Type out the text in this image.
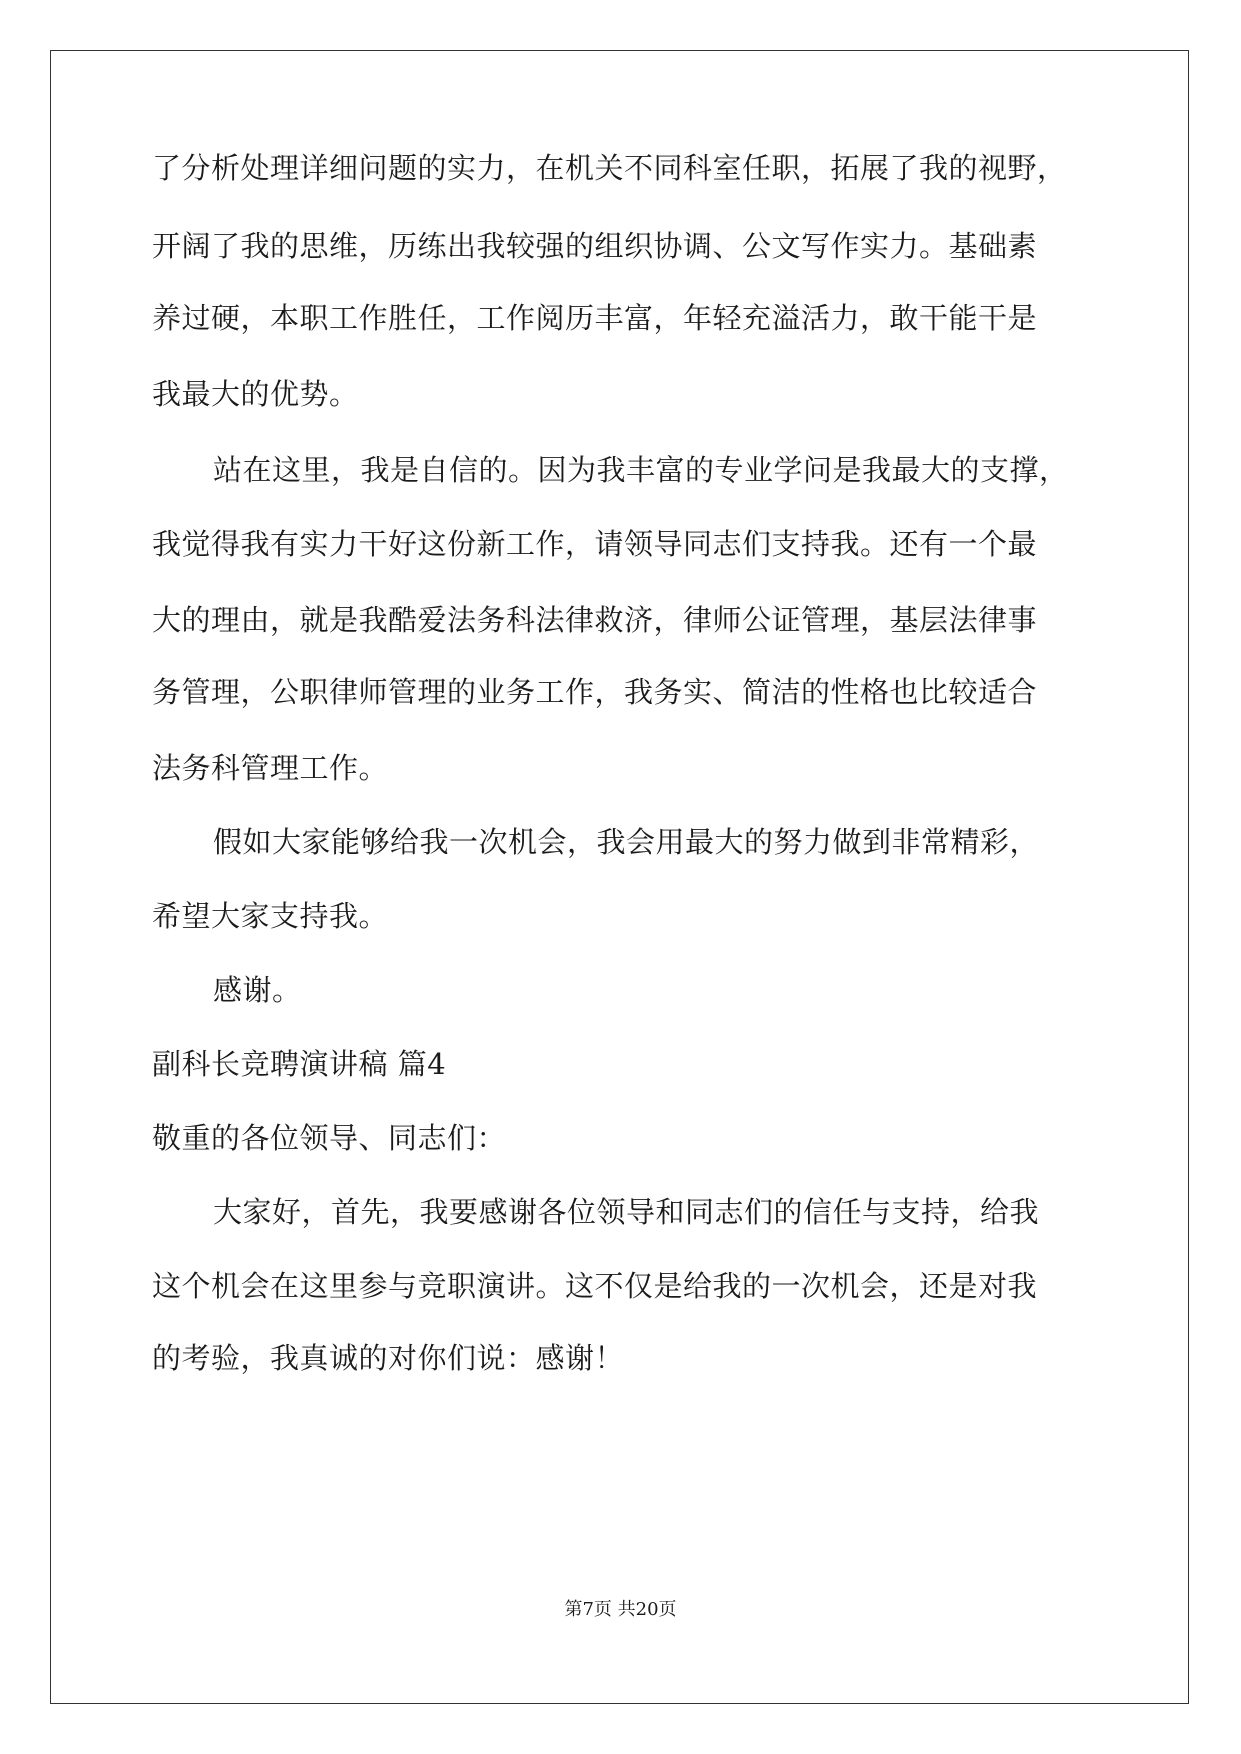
了分析处理详细问题的实力，在机关不同科室任职，拓展了我的视野，
开阔了我的思维，历练出我较强的组织协调、公文写作实力。基础素
养过硬，本职工作胜任，工作阅历丰富，年轻充溢活力，敢干能干是
我最大的优势。
站在这里，我是自信的。因为我丰富的专业学问是我最大的支撑，
我觉得我有实力干好这份新工作，请领导同志们支持我。还有一个最
大的理由，就是我酷爱法务科法律救济，律师公证管理，基层法律事
务管理，公职律师管理的业务工作，我务实、简洁的性格也比较适合
法务科管理工作。
假如大家能够给我一次机会，我会用最大的努力做到非常精彩，
希望大家支持我。
感谢。
副科长竞聘演讲稿 篇4
敬重的各位领导、同志们：
大家好，首先，我要感谢各位领导和同志们的信任与支持，给我
这个机会在这里参与竞职演讲。这不仅是给我的一次机会，还是对我
的考验，我真诚的对你们说：感谢！
第7页 共20页
